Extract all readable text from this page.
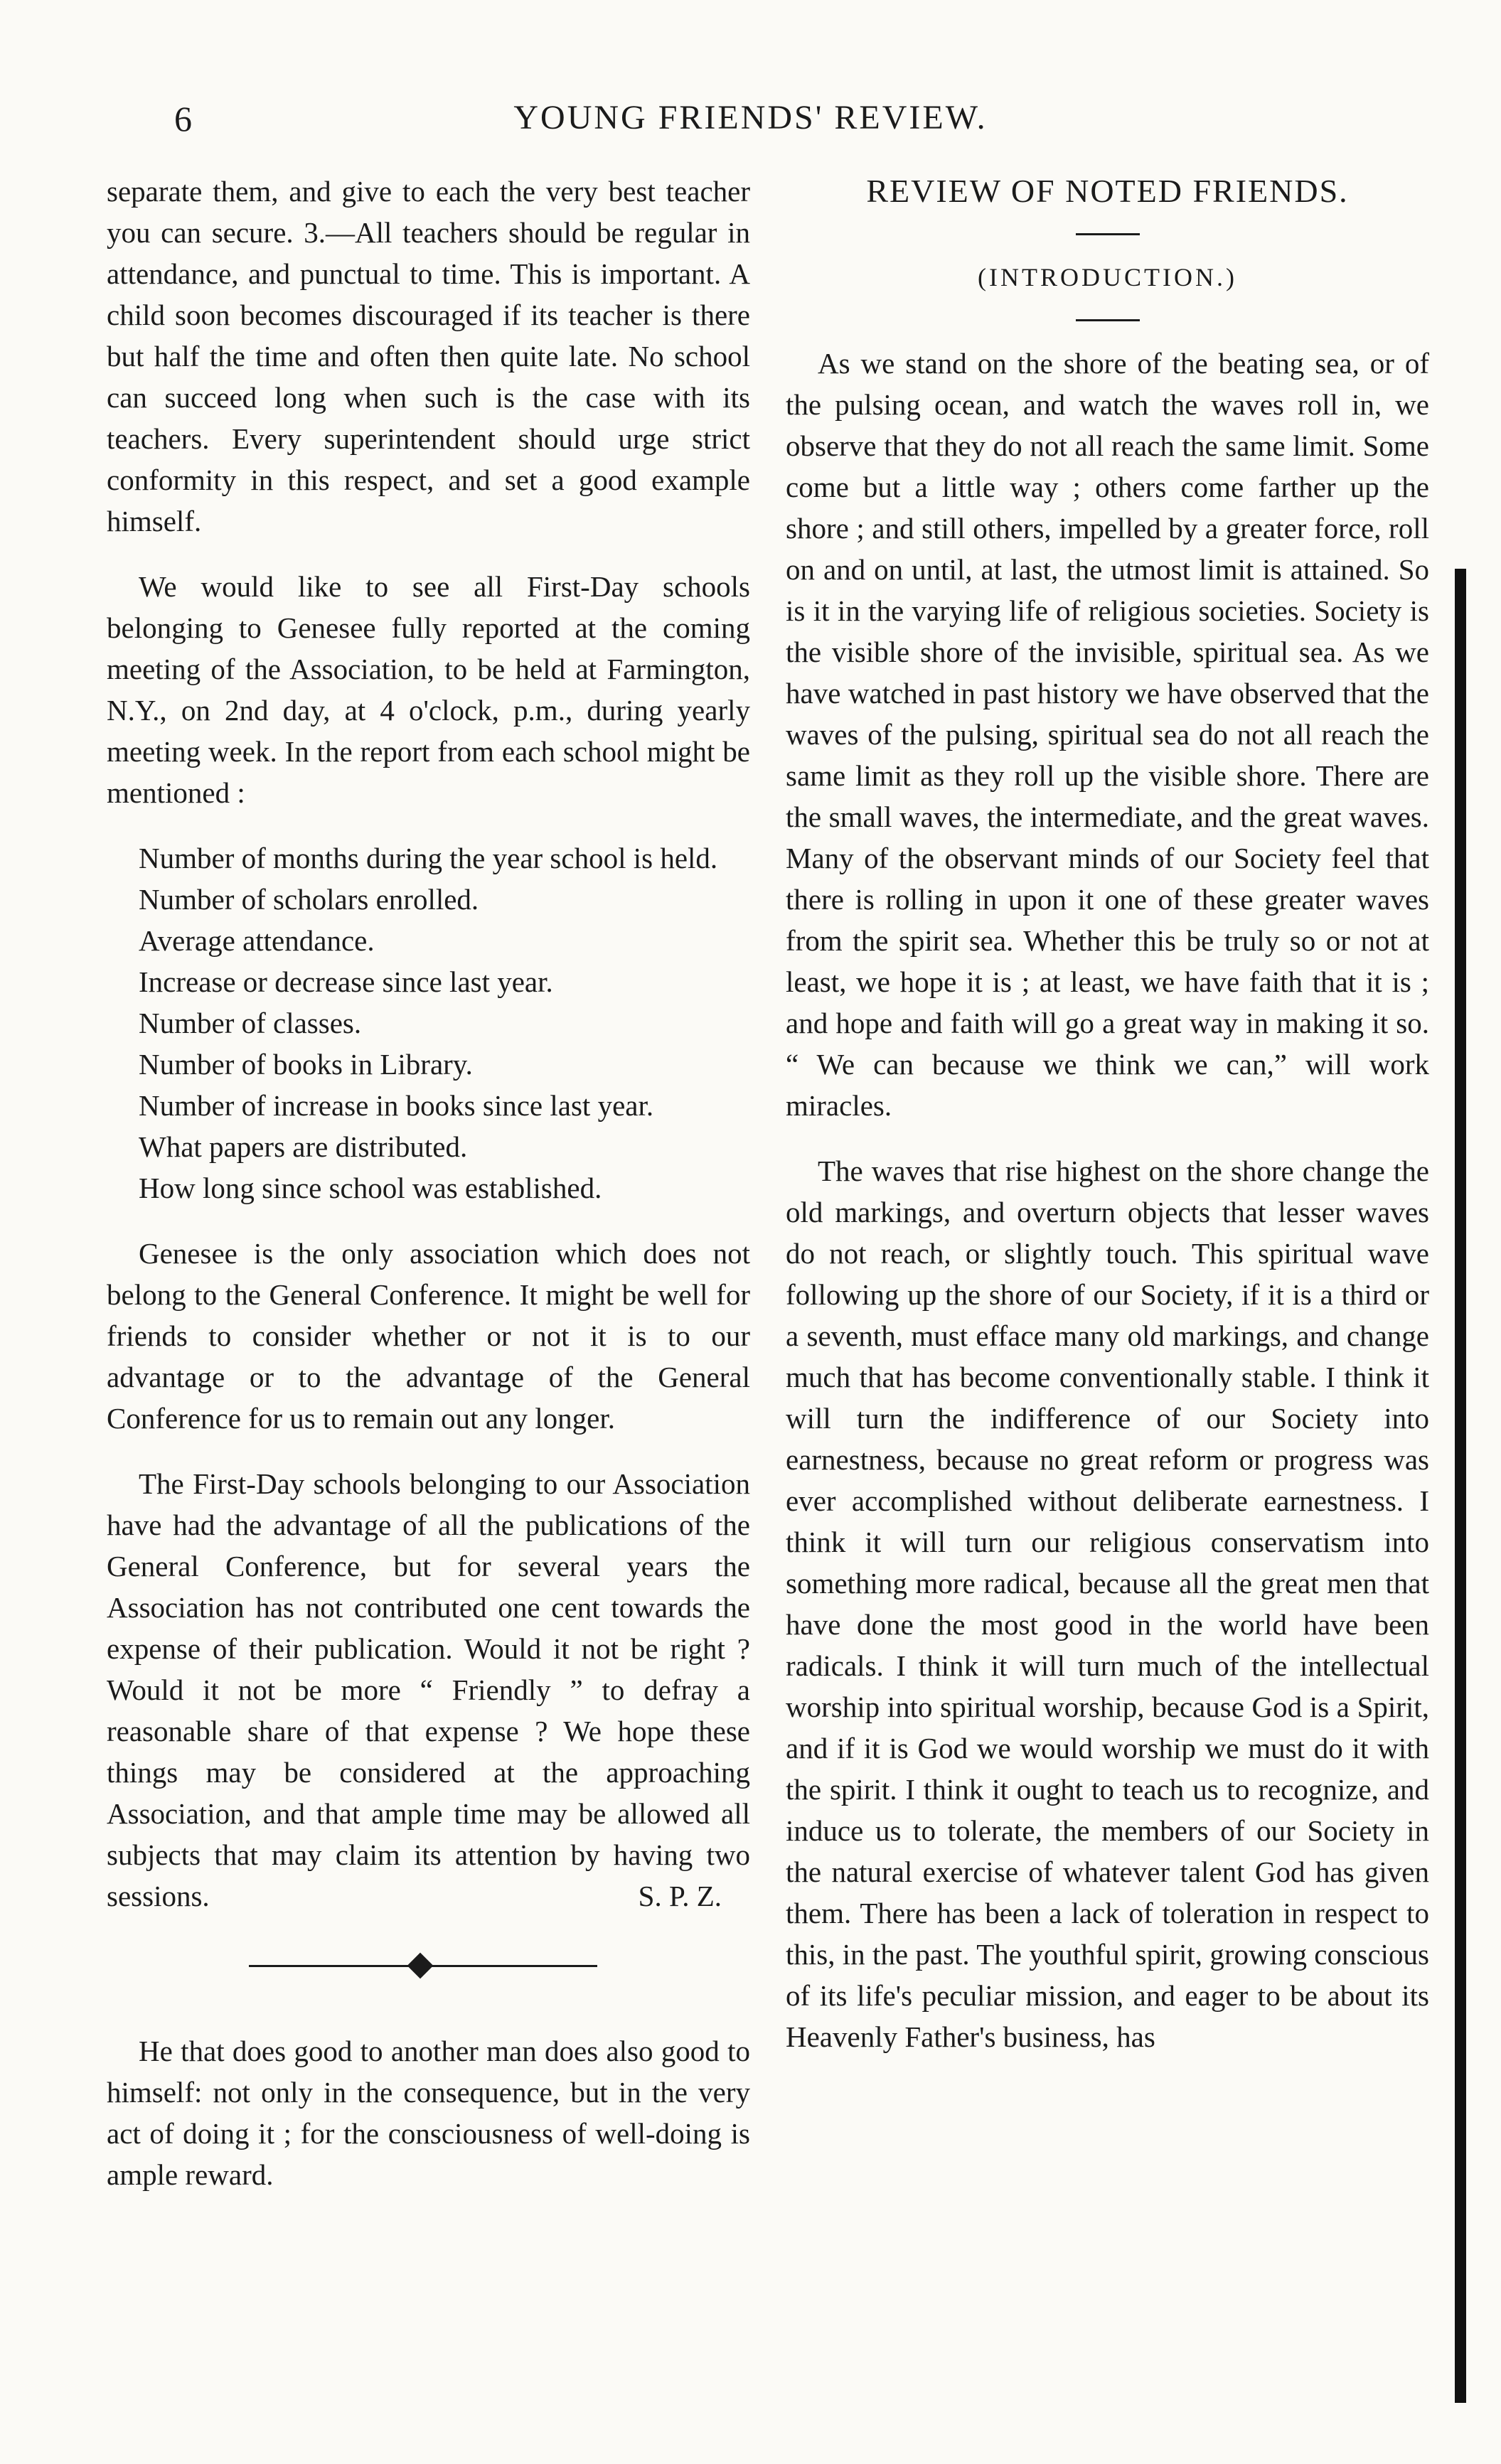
6	YOUNG FRIENDS' REVIEW.

separate them, and give to each the very best teacher you can secure. 3.—All teachers should be regular in attendance, and punctual to time. This is important. A child soon becomes discouraged if its teacher is there but half the time and often then quite late. No school can succeed long when such is the case with its teachers. Every superintendent should urge strict conformity in this respect, and set a good example himself.

We would like to see all First-Day schools belonging to Genesee fully reported at the coming meeting of the Association, to be held at Farmington, N.Y., on 2nd day, at 4 o'clock, p.m., during yearly meeting week. In the report from each school might be mentioned :

Number of months during the year school is held.
Number of scholars enrolled.
Average attendance.
Increase or decrease since last year.
Number of classes.
Number of books in Library.
Number of increase in books since last year.
What papers are distributed.
How long since school was established.

Genesee is the only association which does not belong to the General Conference. It might be well for friends to consider whether or not it is to our advantage or to the advantage of the General Conference for us to remain out any longer.

The First-Day schools belonging to our Association have had the advantage of all the publications of the General Conference, but for several years the Association has not contributed one cent towards the expense of their publication. Would it not be right ? Would it not be more “ Friendly ” to defray a reasonable share of that expense ? We hope these things may be considered at the approaching Association, and that ample time may be allowed all subjects that may claim its attention by having two sessions.	S. P. Z.

He that does good to another man does also good to himself: not only in the consequence, but in the very act of doing it ; for the consciousness of well-doing is ample reward.

REVIEW OF NOTED FRIENDS.
(INTRODUCTION.)

As we stand on the shore of the beating sea, or of the pulsing ocean, and watch the waves roll in, we observe that they do not all reach the same limit. Some come but a little way ; others come farther up the shore ; and still others, impelled by a greater force, roll on and on until, at last, the utmost limit is attained. So is it in the varying life of religious societies. Society is the visible shore of the invisible, spiritual sea. As we have watched in past history we have observed that the waves of the pulsing, spiritual sea do not all reach the same limit as they roll up the visible shore. There are the small waves, the intermediate, and the great waves. Many of the observant minds of our Society feel that there is rolling in upon it one of these greater waves from the spirit sea. Whether this be truly so or not at least, we hope it is ; at least, we have faith that it is ; and hope and faith will go a great way in making it so. “ We can because we think we can,” will work miracles.

The waves that rise highest on the shore change the old markings, and overturn objects that lesser waves do not reach, or slightly touch. This spiritual wave following up the shore of our Society, if it is a third or a seventh, must efface many old markings, and change much that has become conventionally stable. I think it will turn the indifference of our Society into earnestness, because no great reform or progress was ever accomplished without deliberate earnestness. I think it will turn our religious conservatism into something more radical, because all the great men that have done the most good in the world have been radicals. I think it will turn much of the intellectual worship into spiritual worship, because God is a Spirit, and if it is God we would worship we must do it with the spirit. I think it ought to teach us to recognize, and induce us to tolerate, the members of our Society in the natural exercise of whatever talent God has given them. There has been a lack of toleration in respect to this, in the past. The youthful spirit, growing conscious of its life's peculiar mission, and eager to be about its Heavenly Father's business, has
